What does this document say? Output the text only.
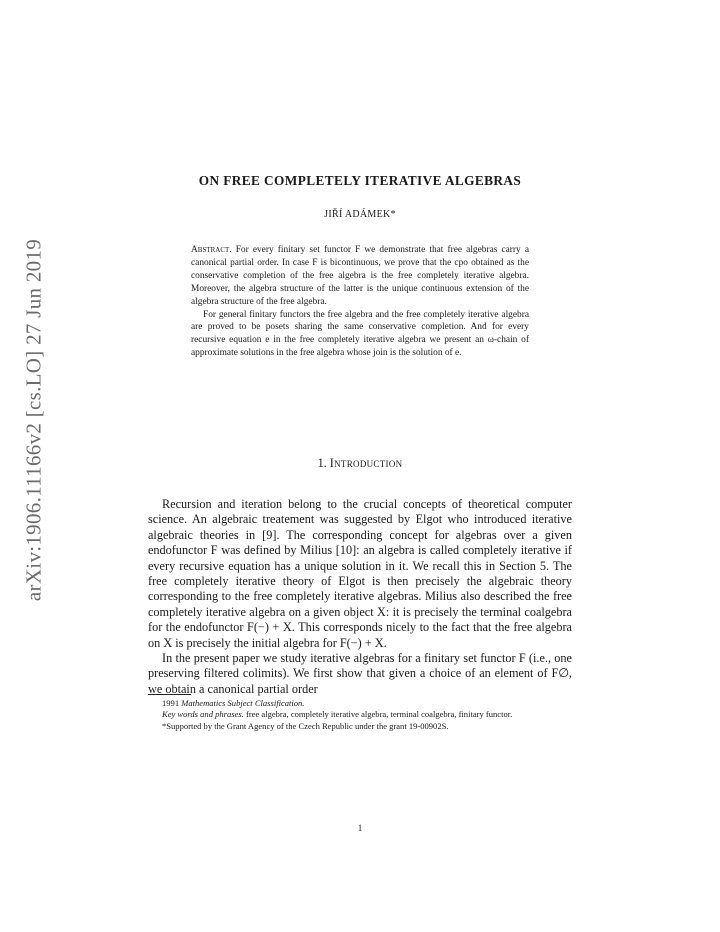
arXiv:1906.11166v2 [cs.LO] 27 Jun 2019
ON FREE COMPLETELY ITERATIVE ALGEBRAS
JIŘÍ ADÁMEK*

Abstract. For every finitary set functor F we demonstrate that free algebras carry a canonical partial order. In case F is bicontinuous, we prove that the cpo obtained as the conservative completion of the free algebra is the free completely iterative algebra. Moreover, the algebra structure of the latter is the unique continuous extension of the algebra structure of the free algebra.

For general finitary functors the free algebra and the free completely iterative algebra are proved to be posets sharing the same conservative completion. And for every recursive equation e in the free completely iterative algebra we present an ω-chain of approximate solutions in the free algebra whose join is the solution of e.

1. Introduction

Recursion and iteration belong to the crucial concepts of theoretical computer science. An algebraic treatement was suggested by Elgot who introduced iterative algebraic theories in [9]. The corresponding concept for algebras over a given endofunctor F was defined by Milius [10]: an algebra is called completely iterative if every recursive equation has a unique solution in it. We recall this in Section 5. The free completely iterative theory of Elgot is then precisely the algebraic theory corresponding to the free completely iterative algebras. Milius also described the free completely iterative algebra on a given object X: it is precisely the terminal coalgebra for the endofunctor F(−) + X. This corresponds nicely to the fact that the free algebra on X is precisely the initial algebra for F(−) + X.

In the present paper we study iterative algebras for a finitary set functor F (i.e., one preserving filtered colimits). We first show that given a choice of an element of F∅, we obtain a canonical partial order

1991 Mathematics Subject Classification.

Key words and phrases. free algebra, completely iterative algebra, terminal coalgebra, finitary functor.

*Supported by the Grant Agency of the Czech Republic under the grant 19-00902S.

1
